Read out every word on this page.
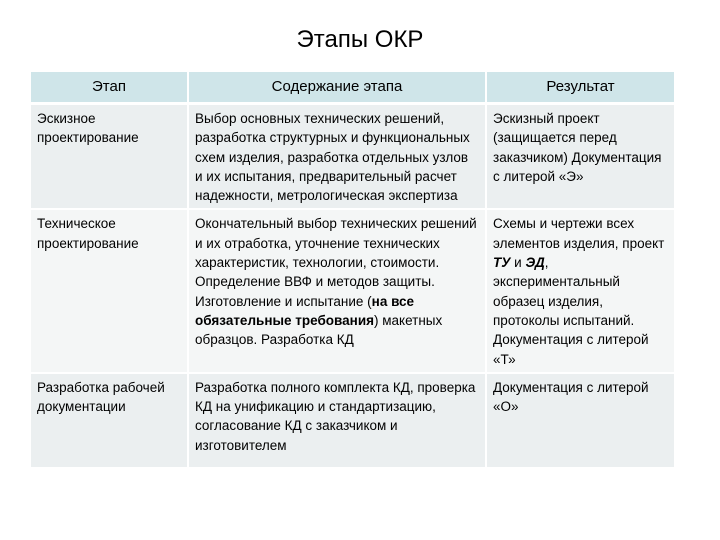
Этапы ОКР
Этап	Содержание этапа	Результат
Эскизное проектирование	Выбор основных технических решений, разработка структурных и функциональных схем изделия, разработка отдельных узлов и их испытания, предварительный расчет надежности, метрологическая экспертиза	Эскизный проект (защищается перед заказчиком) Документация с литерой «Э»
Техническое проектирование	Окончательный выбор технических решений и их отработка, уточнение технических характеристик, технологии, стоимости. Определение ВВФ и методов защиты. Изготовление и испытание (на все обязательные требования) макетных образцов. Разработка КД	Схемы и чертежи всех элементов изделия, проект ТУ и ЭД, экспериментальный образец изделия, протоколы испытаний. Документация с литерой «Т»
Разработка рабочей документации	Разработка полного комплекта КД, проверка КД на унификацию и стандартизацию, согласование КД с заказчиком и изготовителем	Документация с литерой «О»
